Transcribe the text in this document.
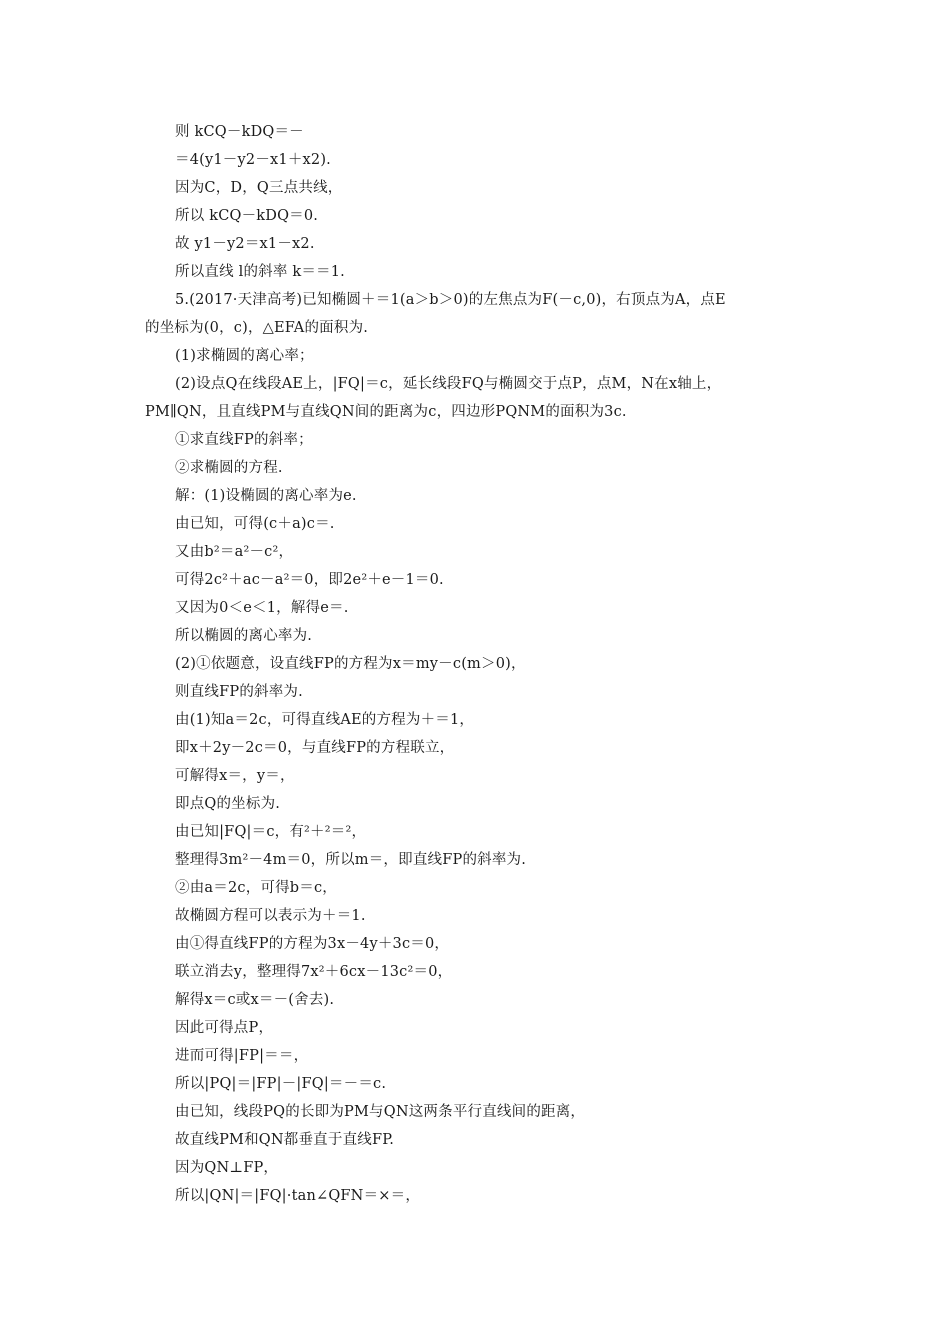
则 kCQ－kDQ＝－
＝4(y1－y2－x1＋x2).
因为C，D，Q三点共线，
所以 kCQ－kDQ＝0.
故 y1－y2＝x1－x2.
所以直线 l的斜率 k＝＝1.
5.(2017·天津高考)已知椭圆＋＝1(a＞b＞0)的左焦点为F(－c,0)，右顶点为A，点E
的坐标为(0，c)，△EFA的面积为.
(1)求椭圆的离心率；
(2)设点Q在线段AE上，|FQ|＝c，延长线段FQ与椭圆交于点P，点M，N在x轴上，
PM∥QN，且直线PM与直线QN间的距离为c，四边形PQNM的面积为3c.
①求直线FP的斜率；
②求椭圆的方程.
解：(1)设椭圆的离心率为e.
由已知，可得(c＋a)c＝.
又由b²＝a²－c²，
可得2c²＋ac－a²＝0，即2e²＋e－1＝0.
又因为0＜e＜1，解得e＝.
所以椭圆的离心率为.
(2)①依题意，设直线FP的方程为x＝my－c(m＞0)，
则直线FP的斜率为.
由(1)知a＝2c，可得直线AE的方程为＋＝1，
即x＋2y－2c＝0，与直线FP的方程联立，
可解得x＝，y＝，
即点Q的坐标为.
由已知|FQ|＝c，有²＋²＝²，
整理得3m²－4m＝0，所以m＝，即直线FP的斜率为.
②由a＝2c，可得b＝c，
故椭圆方程可以表示为＋＝1.
由①得直线FP的方程为3x－4y＋3c＝0，
联立消去y，整理得7x²＋6cx－13c²＝0，
解得x＝c或x＝－(舍去).
因此可得点P，
进而可得|FP|＝＝，
所以|PQ|＝|FP|－|FQ|＝－＝c.
由已知，线段PQ的长即为PM与QN这两条平行直线间的距离，
故直线PM和QN都垂直于直线FP.
因为QN⊥FP，
所以|QN|＝|FQ|·tan∠QFN＝×＝，
